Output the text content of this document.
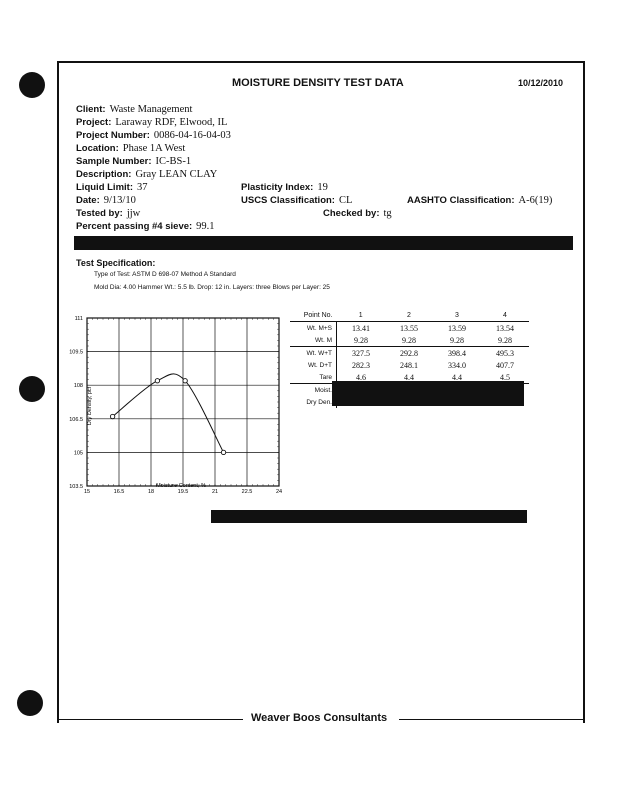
MOISTURE DENSITY TEST DATA	10/12/2010
Client: Waste Management
Project: Laraway RDF, Elwood, IL
Project Number: 0086-04-16-04-03
Location: Phase 1A West
Sample Number: IC-BS-1
Description: Gray LEAN CLAY
Liquid Limit: 37	Plasticity Index: 19
Date: 9/13/10	USCS Classification: CL	AASHTO Classification: A-6(19)
Tested by: jjw	Checked by: tg
Percent passing #4 sieve: 99.1
Test Specification:
Type of Test: ASTM D 698-07 Method A Standard
Mold Dia: 4.00 Hammer Wt.: 5.5 lb. Drop: 12 in. Layers: three Blows per Layer: 25
15	16.5	18	19.5	21	22.5	24
111
109.5
108
106.5
105
103.5	Moisture Content, %
Dry Density, pcf
Point No.	1	2	3	4
Wt. M+S	13.41	13.55	13.59	13.54
Wt. M	9.28	9.28	9.28	9.28
Wt. W+T	327.5	292.8	398.4	495.3
Wt. D+T	282.3	248.1	334.0	407.7
Tare	4.6	4.4	4.4	4.5
Moist.				
Dry Den.				
Weaver Boos Consultants
